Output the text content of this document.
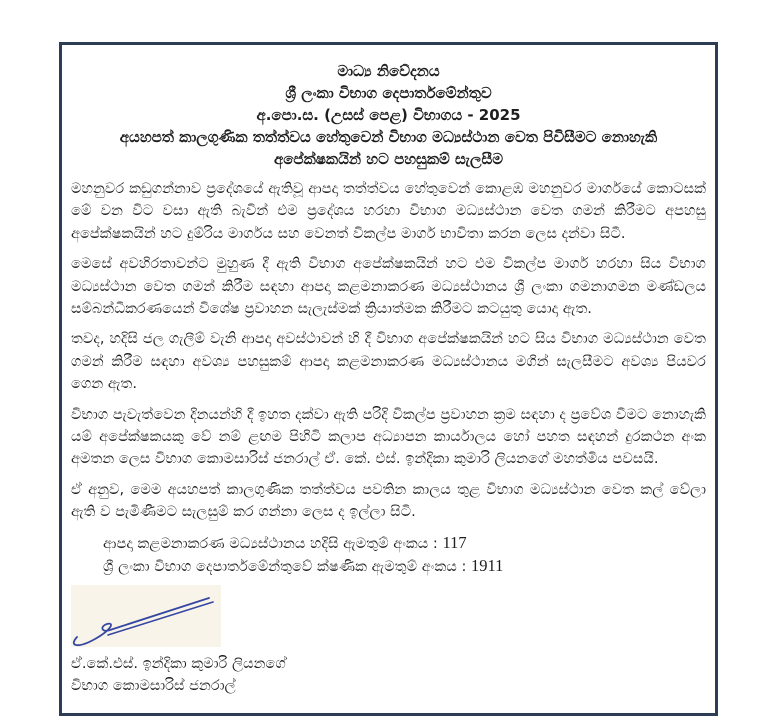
මාධ්‍ය නිවේදනය
ශ්‍රී ලංකා විභාග දෙපාර්තමේන්තුව
අ.පො.ස. (උසස් පෙළ) විභාගය - 2025
අයහපත් කාලගුණික තත්ත්වය හේතුවෙන් විභාග මධ්‍යස්ථාන වෙත පිවිසීමට නොහැකි
අපේක්ෂකයින් හට පහසුකම් සැලසීම

මහනුවර කඩුගන්නාව ප්‍රදේශයේ ඇතිවූ ආපදා තත්ත්වය හේතුවෙන් කොළඹ මහනුවර මාර්ගයේ කොටසක් මේ වන විට වසා ඇති බැවින් එම ප්‍රදේශය හරහා විභාග මධ්‍යස්ථාන වෙත ගමන් කිරීමට අපහසු අපේක්ෂකයින් හට දුම්රිය මාර්ගය සහ වෙනත් විකල්ප මාර්ග භාවිතා කරන ලෙස දන්වා සිටී.

මෙසේ අවහිරතාවන්ට මුහුණ දී ඇති විභාග අපේක්ෂකයින් හට එම විකල්ප මාර්ග හරහා සිය විභාග මධ්‍යස්ථාන වෙත ගමන් කිරීම සඳහා ආපදා කළමනාකරණ මධ්‍යස්ථානය ශ්‍රී ලංකා ගමනාගමන මණ්ඩලය සම්බන්ධීකරණයෙන් විශේෂ ප්‍රවාහන සැලැස්මක් ක්‍රියාත්මක කිරීමට කටයුතු යොදා ඇත.

තවද, හදිසි ජල ගැලීම් වැනි ආපදා අවස්ථාවන් හි දී විභාග අපේක්ෂකයින් හට සිය විභාග මධ්‍යස්ථාන වෙත ගමන් කිරීම සඳහා අවශ්‍ය පහසුකම් ආපදා කළමනාකරණ මධ්‍යස්ථානය මගින් සැලසීමට අවශ්‍ය පියවර ගෙන ඇත.

විභාග පැවැත්වෙන දිනයන්හි දී ඉහත දක්වා ඇති පරිදි විකල්ප ප්‍රවාහන ක්‍රම සඳහා ද ප්‍රවේශ වීමට නොහැකි යම් අපේක්ෂකයකු වේ නම් ළඟම පිහිටි කලාප අධ්‍යාපන කාර්යාලය හෝ පහත සඳහන් දුරකථන අංක අමතන ලෙස විභාග කොමසාරිස් ජනරාල් ඒ. කේ. එස්. ඉන්දිකා කුමාරි ලියනගේ මහත්මිය පවසයි.

ඒ අනුව, මෙම අයහපත් කාලගුණික තත්ත්වය පවතින කාලය තුළ විභාග මධ්‍යස්ථාන වෙත කල් වේලා ඇති ව පැමිණීමට සැලසුම් කර ගන්නා ලෙස ද ඉල්ලා සිටී.

ආපදා කළමනාකරණ මධ්‍යස්ථානය හදිසි ඇමතුම් අංකය : 117
ශ්‍රී ලංකා විභාග දෙපාර්තමේන්තුවේ ක්ෂණික ඇමතුම් අංකය : 1911
ඒ.කේ.එස්. ඉන්දිකා කුමාරි ලියනගේ
විභාග කොමසාරිස් ජනරාල්
